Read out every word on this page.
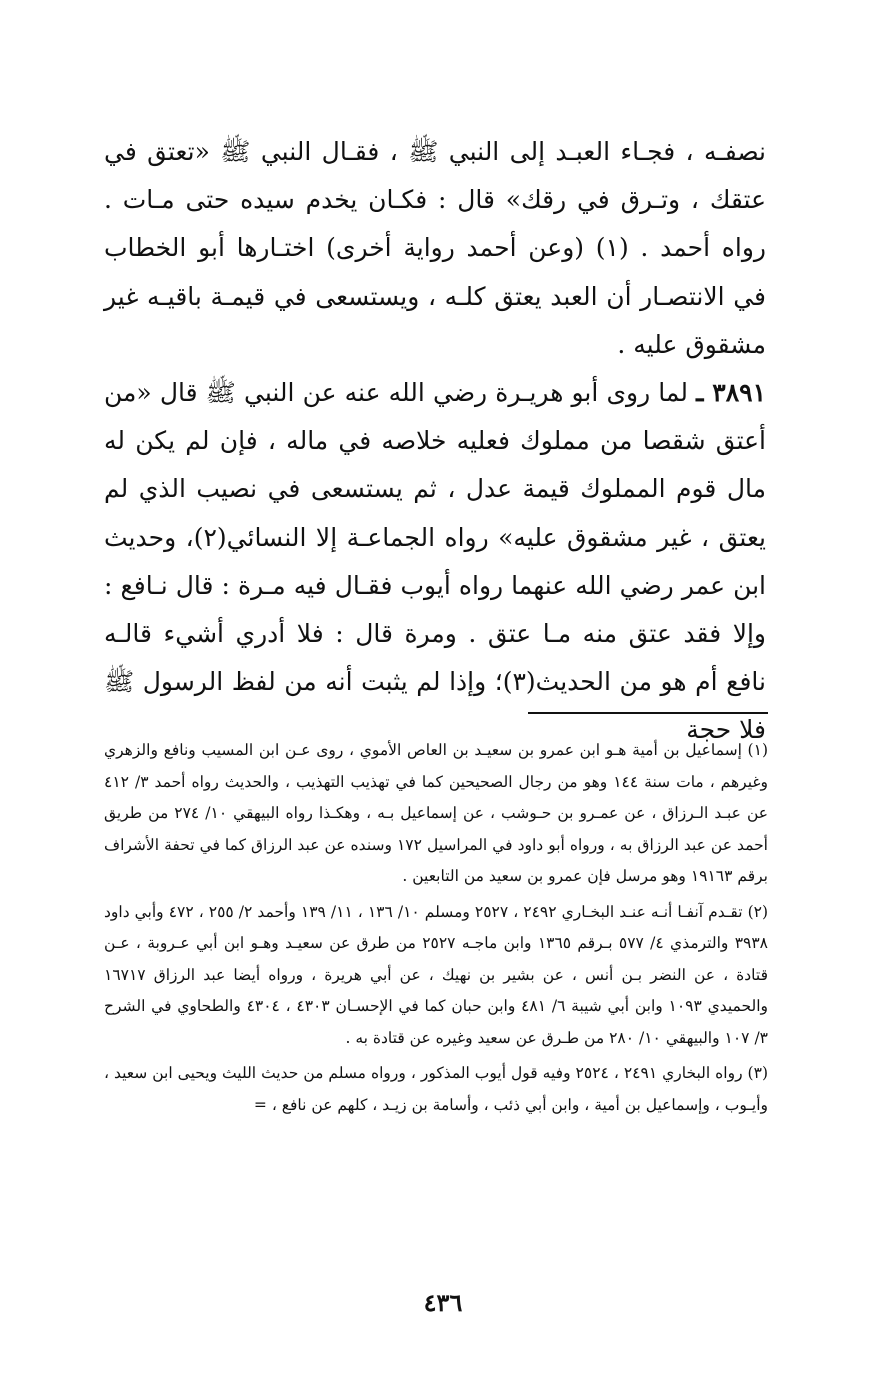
نصفـه ، فجـاء العبـد إلى النبي ﷺ ، فقـال النبي ﷺ «تعتق في عتقك ، وتـرق في رقك» قال : فكـان يخدم سيده حتى مـات . رواه أحمد . (١) (وعن أحمد رواية أخرى) اختـارها أبو الخطاب في الانتصـار أن العبد يعتق كلـه ، ويستسعى في قيمـة باقيـه غير مشقوق عليه .

٣٨٩١ ـ لما روى أبو هريـرة رضي الله عنه عن النبي ﷺ قال «من أعتق شقصا من مملوك فعليه خلاصه في ماله ، فإن لم يكن له مال قوم المملوك قيمة عدل ، ثم يستسعى في نصيب الذي لم يعتق ، غير مشقوق عليه» رواه الجماعـة إلا النسائي(٢)، وحديث ابن عمر رضي الله عنهما رواه أيوب فقـال فيه مـرة : قال نـافع : وإلا فقد عتق منه مـا عتق . ومرة قال : فلا أدري أشيء قالـه نافع أم هو من الحديث(٣)؛ وإذا لم يثبت أنه من لفظ الرسول ﷺ فلا حجة

(١) إسماعيل بن أمية هـو ابن عمرو بن سعيـد بن العاص الأموي ، روى عـن ابن المسيب ونافع والزهري وغيرهم ، مات سنة ١٤٤ وهو من رجال الصحيحين كما في تهذيب التهذيب ، والحديث رواه أحمد ٣/ ٤١٢ عن عبـد الـرزاق ، عن عمـرو بن حـوشب ، عن إسماعيل بـه ، وهكـذا رواه البيهقي ١٠/ ٢٧٤ من طريق أحمد عن عبد الرزاق به ، ورواه أبو داود في المراسيل ١٧٢ وسنده عن عبد الرزاق كما في تحفة الأشراف برقم ١٩١٦٣ وهو مرسل فإن عمرو بن سعيد من التابعين .

(٢) تقـدم آنفـا أنـه عنـد البخـاري ٢٤٩٢ ، ٢٥٢٧ ومسلم ١٠/ ١٣٦ ، ١١/ ١٣٩ وأحمد ٢/ ٢٥٥ ، ٤٧٢ وأبي داود ٣٩٣٨ والترمذي ٤/ ٥٧٧ بـرقم ١٣٦٥ وابن ماجـه ٢٥٢٧ من طرق عن سعيـد وهـو ابن أبي عـروبة ، عـن قتادة ، عن النضر بـن أنس ، عن بشير بن نهيك ، عن أبي هريرة ، ورواه أيضا عبد الرزاق ١٦٧١٧ والحميدي ١٠٩٣ وابن أبي شيبة ٦/ ٤٨١ وابن حبان كما في الإحسـان ٤٣٠٣ ، ٤٣٠٤ والطحاوي في الشرح ٣/ ١٠٧ والبيهقي ١٠/ ٢٨٠ من طـرق عن سعيد وغيره عن قتادة به .

(٣) رواه البخاري ٢٤٩١ ، ٢٥٢٤ وفيه قول أيوب المذكور ، ورواه مسلم من حديث الليث ويحيى ابن سعيد ، وأيـوب ، وإسماعيل بن أمية ، وابن أبي ذئب ، وأسامة بن زيـد ، كلهم عن نافع ، =

٤٣٦
